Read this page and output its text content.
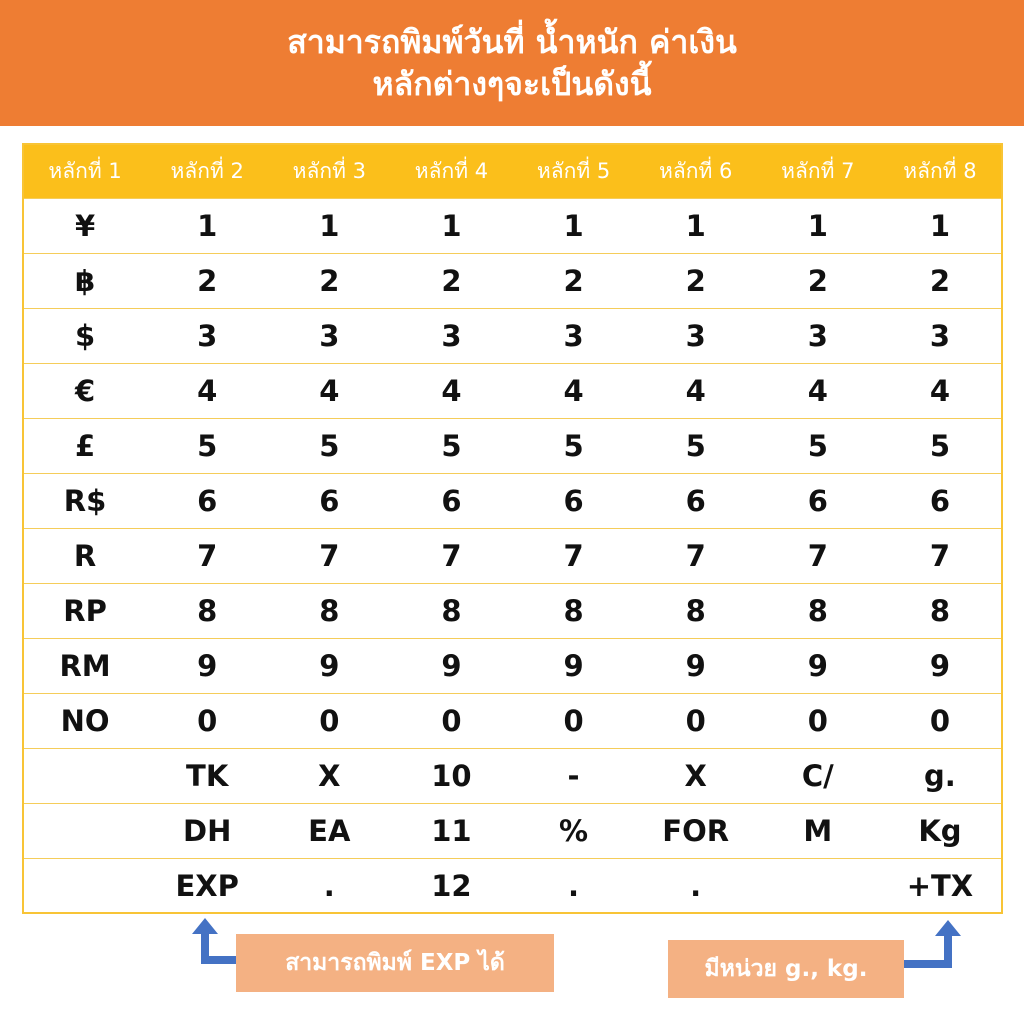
สามารถพิมพ์วันที่ น้ำหนัก ค่าเงิน
หลักต่างๆจะเป็นดังนี้
หลักที่ 1	หลักที่ 2	หลักที่ 3	หลักที่ 4	หลักที่ 5	หลักที่ 6	หลักที่ 7	หลักที่ 8
¥	1	1	1	1	1	1	1
฿	2	2	2	2	2	2	2
$	3	3	3	3	3	3	3
€	4	4	4	4	4	4	4
£	5	5	5	5	5	5	5
R$	6	6	6	6	6	6	6
R	7	7	7	7	7	7	7
RP	8	8	8	8	8	8	8
RM	9	9	9	9	9	9	9
NO	0	0	0	0	0	0	0
	TK	X	10	-	X	C/	g.
	DH	EA	11	%	FOR	M	Kg
	EXP	.	12	.	.		+TX
สามารถพิมพ์ EXP ได้	มีหน่วย g., kg.
